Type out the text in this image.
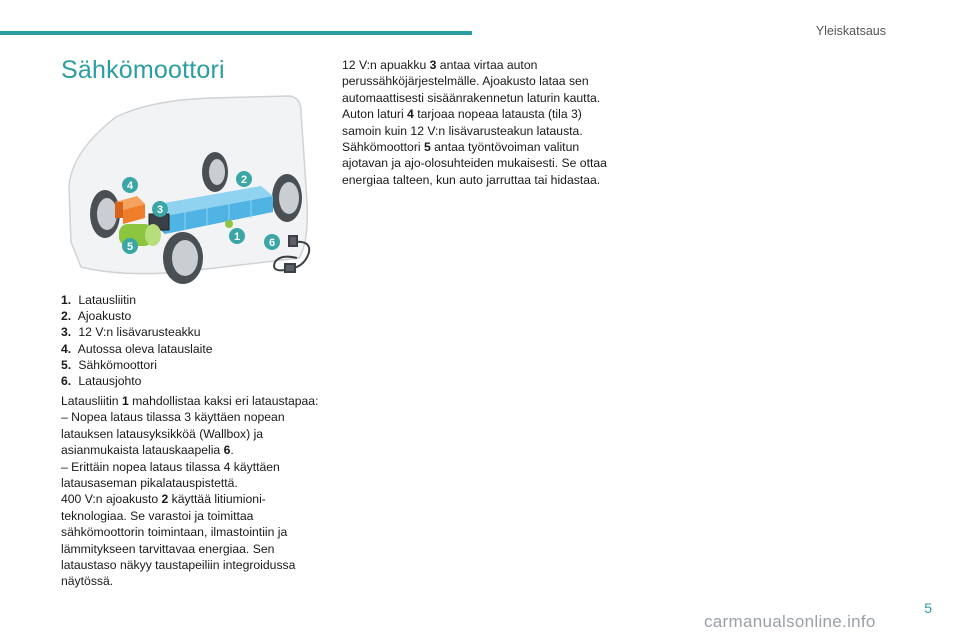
Yleiskatsaus
Sähkömoottori
4
3
5
2
1	6
1. Latausliitin
2. Ajoakusto
3. 12 V:n lisävarusteakku
4. Autossa oleva latauslaite
5. Sähkömoottori
6. Latausjohto

Latausliitin 1 mahdollistaa kaksi eri lataustapaa:

– Nopea lataus tilassa 3 käyttäen nopean

latauksen latausyksikköä (Wallbox) ja

asianmukaista latauskaapelia 6.

– Erittäin nopea lataus tilassa 4 käyttäen

latausaseman pikalatauspistettä.

400 V:n ajoakusto 2 käyttää litiumioni-

teknologiaa. Se varastoi ja toimittaa

sähkömoottorin toimintaan, ilmastointiin ja

lämmitykseen tarvittavaa energiaa. Sen

lataustaso näkyy taustapeiliin integroidussa

näytössä.

12 V:n apuakku 3 antaa virtaa auton

perussähköjärjestelmälle. Ajoakusto lataa sen

automaattisesti sisäänrakennetun laturin kautta.

Auton laturi 4 tarjoaa nopeaa latausta (tila 3)

samoin kuin 12 V:n lisävarusteakun latausta.

Sähkömoottori 5 antaa työntövoiman valitun

ajotavan ja ajo-olosuhteiden mukaisesti. Se ottaa

energiaa talteen, kun auto jarruttaa tai hidastaa.

5
carmanualsonline.info
